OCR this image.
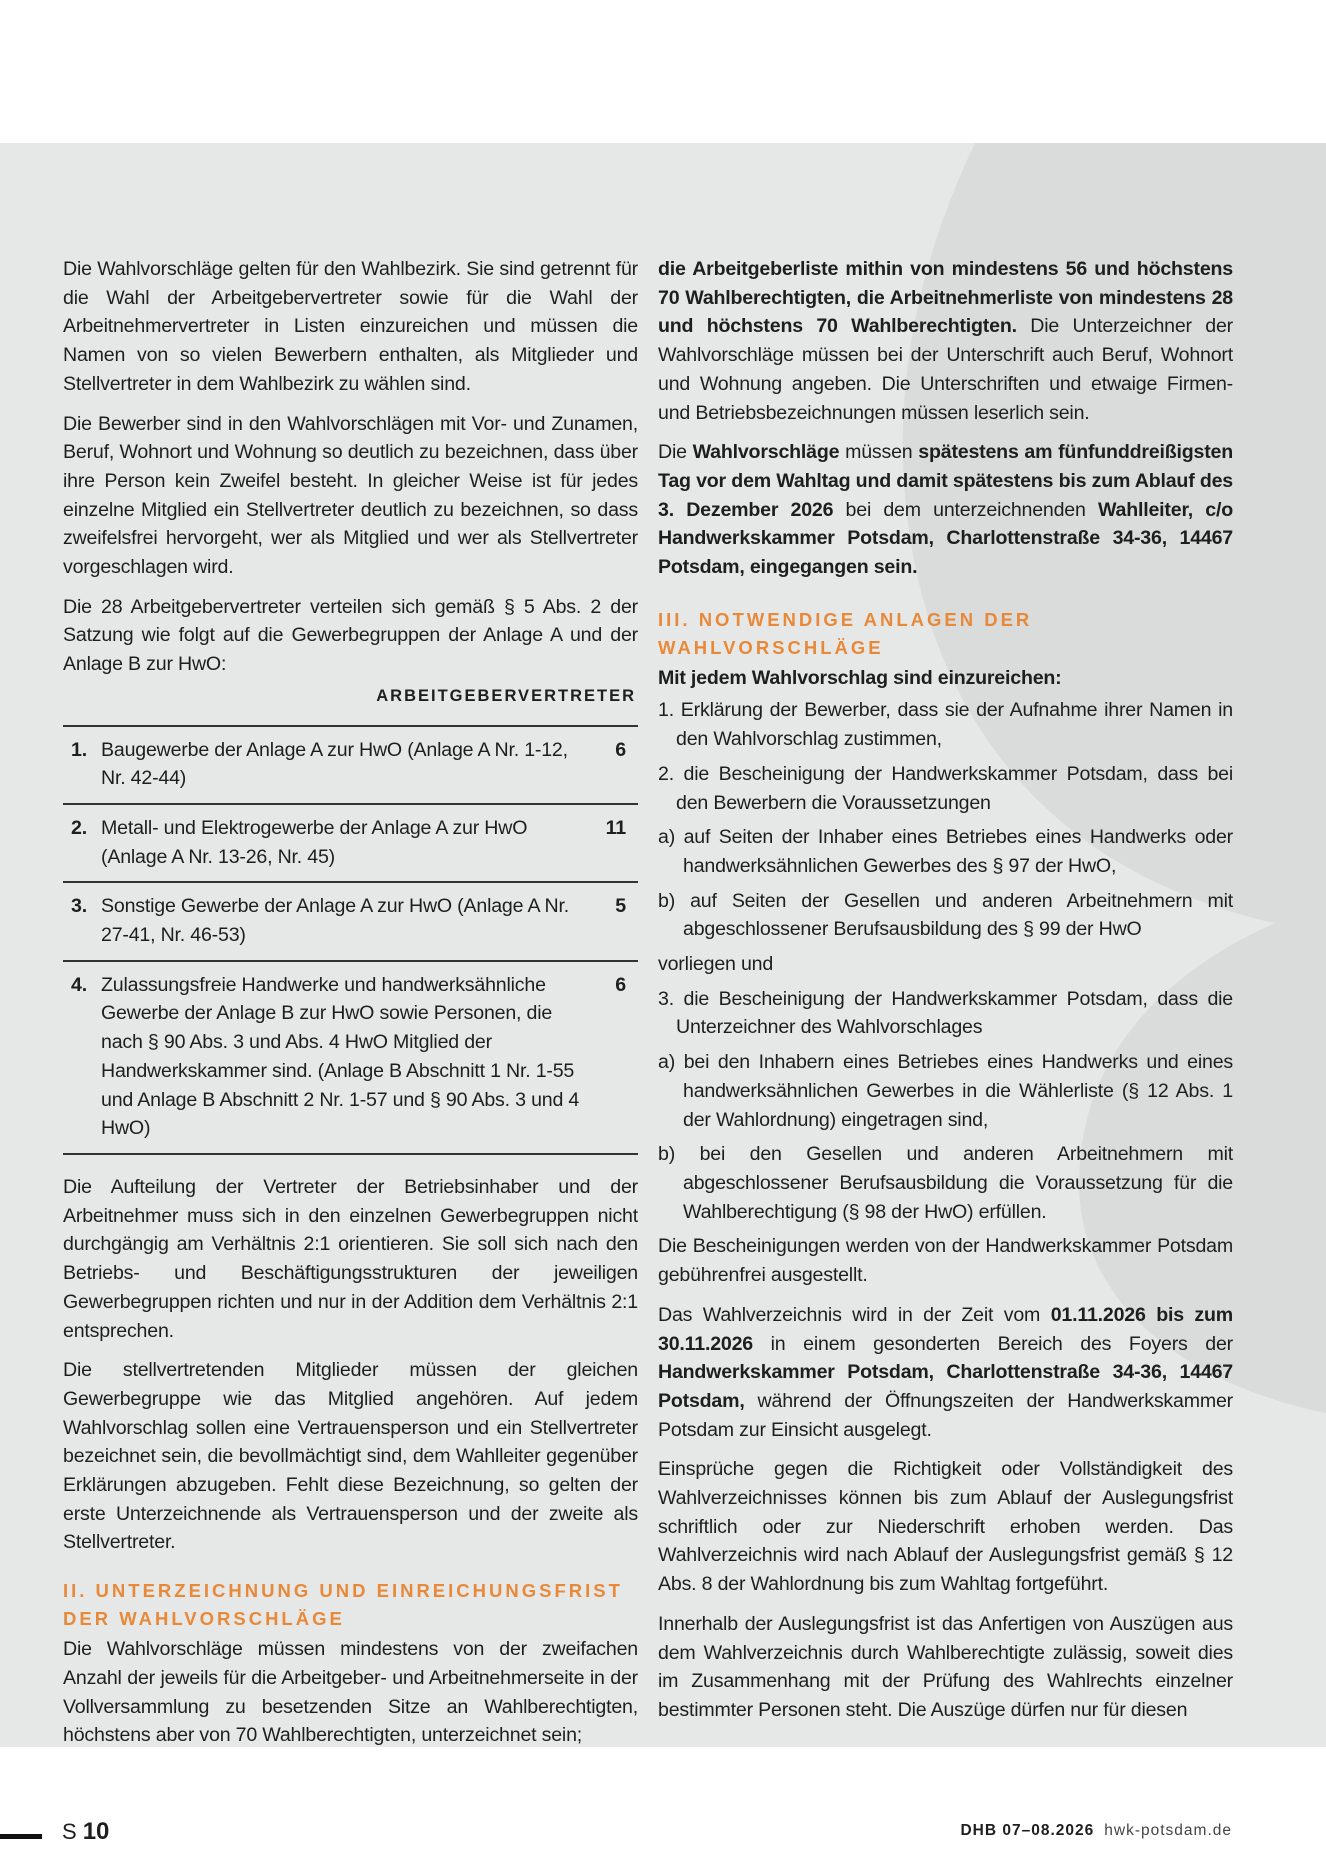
Die Wahlvorschläge gelten für den Wahlbezirk. Sie sind getrennt für die Wahl der Arbeitgebervertreter sowie für die Wahl der Arbeitnehmervertreter in Listen einzureichen und müssen die Namen von so vielen Bewerbern enthalten, als Mitglieder und Stellvertreter in dem Wahlbezirk zu wählen sind.

Die Bewerber sind in den Wahlvorschlägen mit Vor- und Zunamen, Beruf, Wohnort und Wohnung so deutlich zu bezeichnen, dass über ihre Person kein Zweifel besteht. In gleicher Weise ist für jedes einzelne Mitglied ein Stellvertreter deutlich zu bezeichnen, so dass zweifelsfrei hervorgeht, wer als Mitglied und wer als Stellvertreter vorgeschlagen wird.

Die 28 Arbeitgebervertreter verteilen sich gemäß § 5 Abs. 2 der Satzung wie folgt auf die Gewerbegruppen der Anlage A und der Anlage B zur HwO:

ARBEITGEBERVERTRETER
1. Baugewerbe der Anlage A zur HwO (Anlage A Nr. 1-12, Nr. 42-44)
6
2. Metall- und Elektrogewerbe der Anlage A zur HwO (Anlage A Nr. 13-26, Nr. 45)
11
3. Sonstige Gewerbe der Anlage A zur HwO (Anlage A Nr. 27-41, Nr. 46-53)
5
4. Zulassungsfreie Handwerke und handwerksähnliche Gewerbe der Anlage B zur HwO sowie Personen, die nach § 90 Abs. 3 und Abs. 4 HwO Mitglied der Handwerkskammer sind. (Anlage B Abschnitt 1 Nr. 1-55 und Anlage B Abschnitt 2 Nr. 1-57 und § 90 Abs. 3 und 4 HwO)
6

Die Aufteilung der Vertreter der Betriebsinhaber und der Arbeitnehmer muss sich in den einzelnen Gewerbegruppen nicht durchgängig am Verhältnis 2:1 orientieren. Sie soll sich nach den Betriebs- und Beschäftigungsstrukturen der jeweiligen Gewerbegruppen richten und nur in der Addition dem Verhältnis 2:1 entsprechen.

Die stellvertretenden Mitglieder müssen der gleichen Gewerbegruppe wie das Mitglied angehören. Auf jedem Wahlvorschlag sollen eine Vertrauensperson und ein Stellvertreter bezeichnet sein, die bevollmächtigt sind, dem Wahlleiter gegenüber Erklärungen abzugeben. Fehlt diese Bezeichnung, so gelten der erste Unterzeichnende als Vertrauensperson und der zweite als Stellvertreter.

II. UNTERZEICHNUNG UND EINREICHUNGSFRIST
DER WAHLVORSCHLÄGE

Die Wahlvorschläge müssen mindestens von der zweifachen Anzahl der jeweils für die Arbeitgeber- und Arbeitnehmerseite in der Vollversammlung zu besetzenden Sitze an Wahlberechtigten, höchstens aber von 70 Wahlberechtigten, unterzeichnet sein;

die Arbeitgeberliste mithin von mindestens 56 und höchstens 70 Wahlberechtigten, die Arbeitnehmerliste von mindestens 28 und höchstens 70 Wahlberechtigten. Die Unterzeichner der Wahlvorschläge müssen bei der Unterschrift auch Beruf, Wohnort und Wohnung angeben. Die Unterschriften und etwaige Firmen- und Betriebsbezeichnungen müssen leserlich sein.

Die Wahlvorschläge müssen spätestens am fünfunddreißigsten Tag vor dem Wahltag und damit spätestens bis zum Ablauf des 3. Dezember 2026 bei dem unterzeichnenden Wahlleiter, c/o Handwerkskammer Potsdam, Charlottenstraße 34-36, 14467 Potsdam, eingegangen sein.

III. NOTWENDIGE ANLAGEN DER WAHLVORSCHLÄGE
Mit jedem Wahlvorschlag sind einzureichen:
1. Erklärung der Bewerber, dass sie der Aufnahme ihrer Namen in den Wahlvorschlag zustimmen,
2. die Bescheinigung der Handwerkskammer Potsdam, dass bei den Bewerbern die Voraussetzungen
a) auf Seiten der Inhaber eines Betriebes eines Handwerks oder handwerksähnlichen Gewerbes des § 97 der HwO,
b) auf Seiten der Gesellen und anderen Arbeitnehmern mit abgeschlossener Berufsausbildung des § 99 der HwO
vorliegen und
3. die Bescheinigung der Handwerkskammer Potsdam, dass die Unterzeichner des Wahlvorschlages
a) bei den Inhabern eines Betriebes eines Handwerks und eines handwerksähnlichen Gewerbes in die Wählerliste (§ 12 Abs. 1 der Wahlordnung) eingetragen sind,
b) bei den Gesellen und anderen Arbeitnehmern mit abgeschlossener Berufsausbildung die Voraussetzung für die Wahlberechtigung (§ 98 der HwO) erfüllen.

Die Bescheinigungen werden von der Handwerkskammer Potsdam gebührenfrei ausgestellt.

Das Wahlverzeichnis wird in der Zeit vom 01.11.2026 bis zum 30.11.2026 in einem gesonderten Bereich des Foyers der Handwerkskammer Potsdam, Charlottenstraße 34-36, 14467 Potsdam, während der Öffnungszeiten der Handwerkskammer Potsdam zur Einsicht ausgelegt.

Einsprüche gegen die Richtigkeit oder Vollständigkeit des Wahlverzeichnisses können bis zum Ablauf der Auslegungsfrist schriftlich oder zur Niederschrift erhoben werden. Das Wahlverzeichnis wird nach Ablauf der Auslegungsfrist gemäß § 12 Abs. 8 der Wahlordnung bis zum Wahltag fortgeführt.

Innerhalb der Auslegungsfrist ist das Anfertigen von Auszügen aus dem Wahlverzeichnis durch Wahlberechtigte zulässig, soweit dies im Zusammenhang mit der Prüfung des Wahlrechts einzelner bestimmter Personen steht. Die Auszüge dürfen nur für diesen

S 10	DHB 07–08.2026 hwk-potsdam.de
